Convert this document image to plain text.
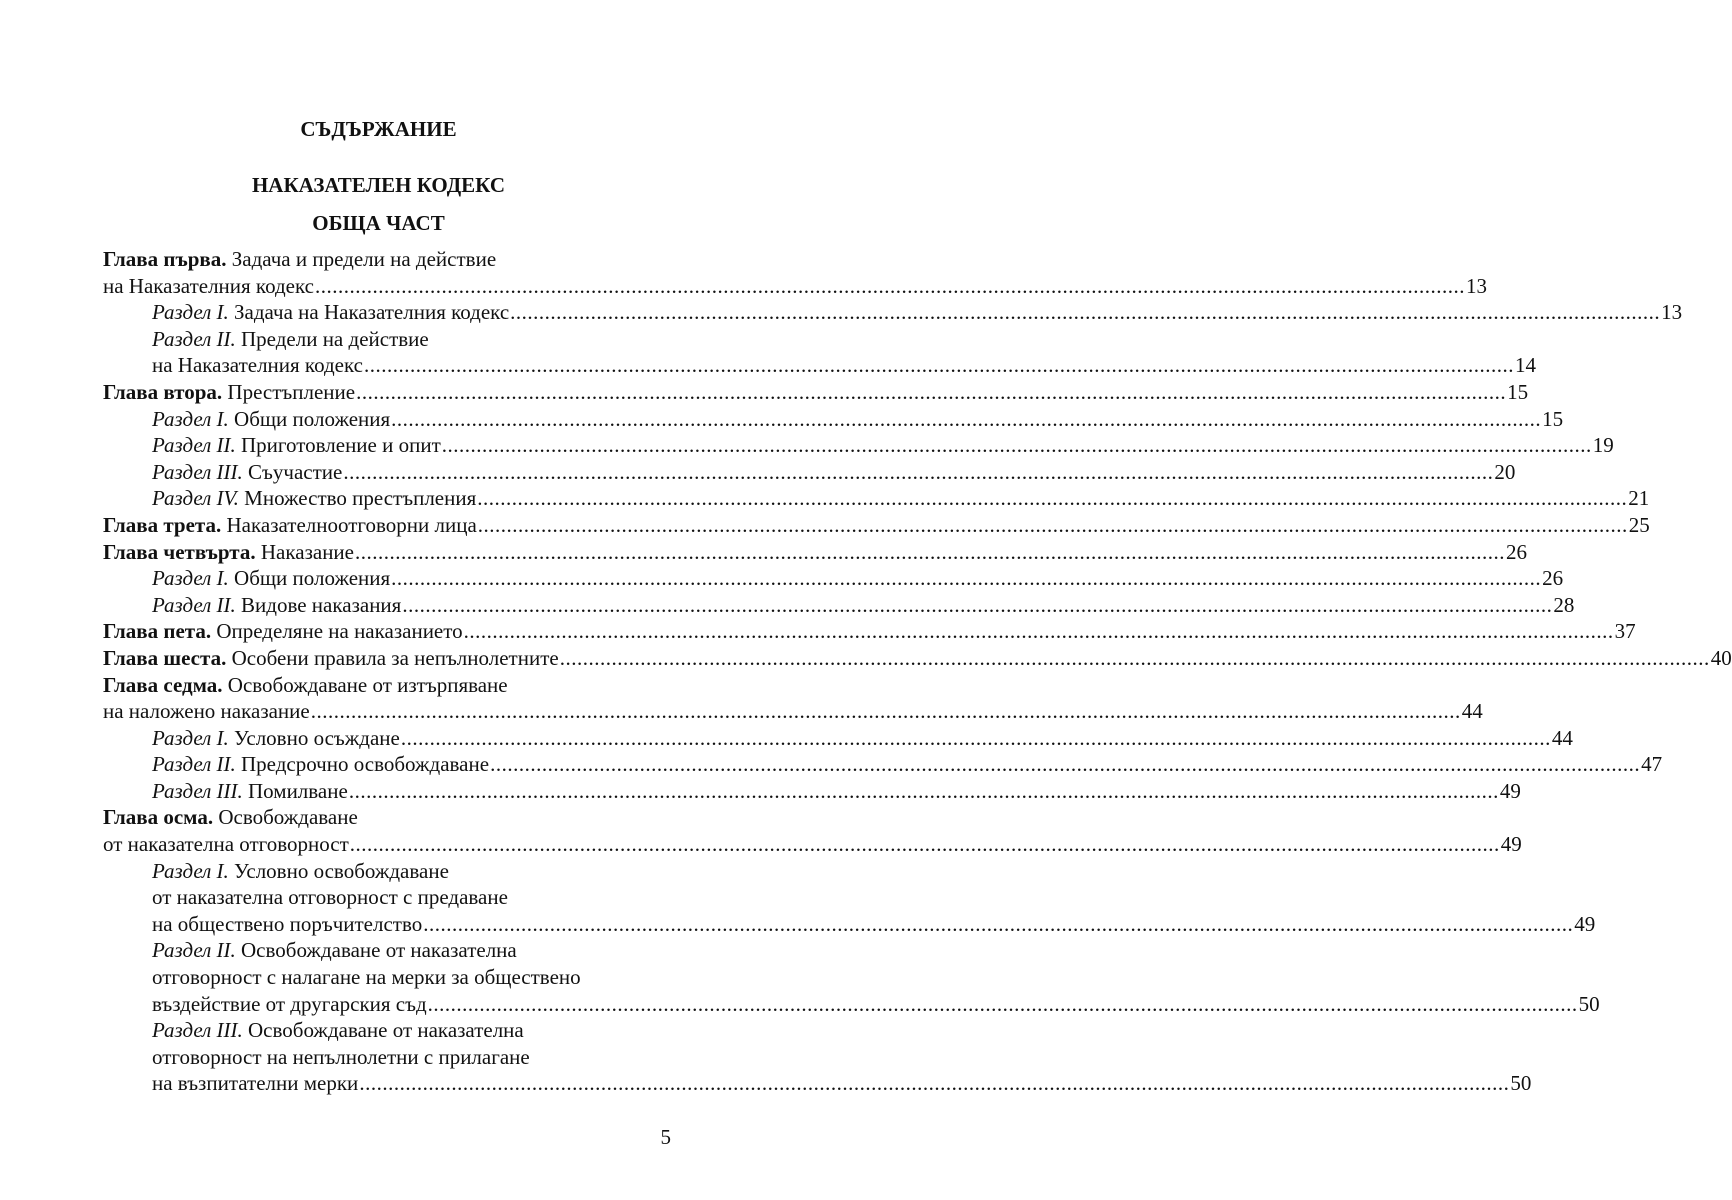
СЪДЪРЖАНИЕ
НАКАЗАТЕЛЕН КОДЕКС
ОБЩА ЧАСТ
Глава първа. Задача и предели на действие
на Наказателния кодекс ........................................................................................................................................................................................................ 13
Раздел I. Задача на Наказателния кодекс ........................................................................................................................................................................................................ 13
Раздел II. Предели на действие
на Наказателния кодекс ........................................................................................................................................................................................................ 14
Глава втора. Престъпление ........................................................................................................................................................................................................ 15
Раздел I. Общи положения ........................................................................................................................................................................................................ 15
Раздел II. Приготовление и опит ........................................................................................................................................................................................................ 19
Раздел III. Съучастие ........................................................................................................................................................................................................ 20
Раздел IV. Множество престъпления ........................................................................................................................................................................................................ 21
Глава трета. Наказателноотговорни лица ........................................................................................................................................................................................................ 25
Глава четвърта. Наказание ........................................................................................................................................................................................................ 26
Раздел I. Общи положения ........................................................................................................................................................................................................ 26
Раздел II. Видове наказания ........................................................................................................................................................................................................ 28
Глава пета. Определяне на наказанието ........................................................................................................................................................................................................ 37
Глава шеста. Особени правила за непълнолетните ........................................................................................................................................................................................................ 40
Глава седма. Освобождаване от изтърпяване
на наложено наказание ........................................................................................................................................................................................................ 44
Раздел I. Условно осъждане ........................................................................................................................................................................................................ 44
Раздел II. Предсрочно освобождаване ........................................................................................................................................................................................................ 47
Раздел III. Помилване ........................................................................................................................................................................................................ 49
Глава осма. Освобождаване
от наказателна отговорност ........................................................................................................................................................................................................ 49
Раздел I. Условно освобождаване
от наказателна отговорност с предаване
на обществено поръчителство ........................................................................................................................................................................................................ 49
Раздел II. Освобождаване от наказателна
отговорност с налагане на мерки за обществено
въздействие от другарския съд ........................................................................................................................................................................................................ 50
Раздел III. Освобождаване от наказателна
отговорност на непълнолетни с прилагане
на възпитателни мерки ........................................................................................................................................................................................................ 50
5
